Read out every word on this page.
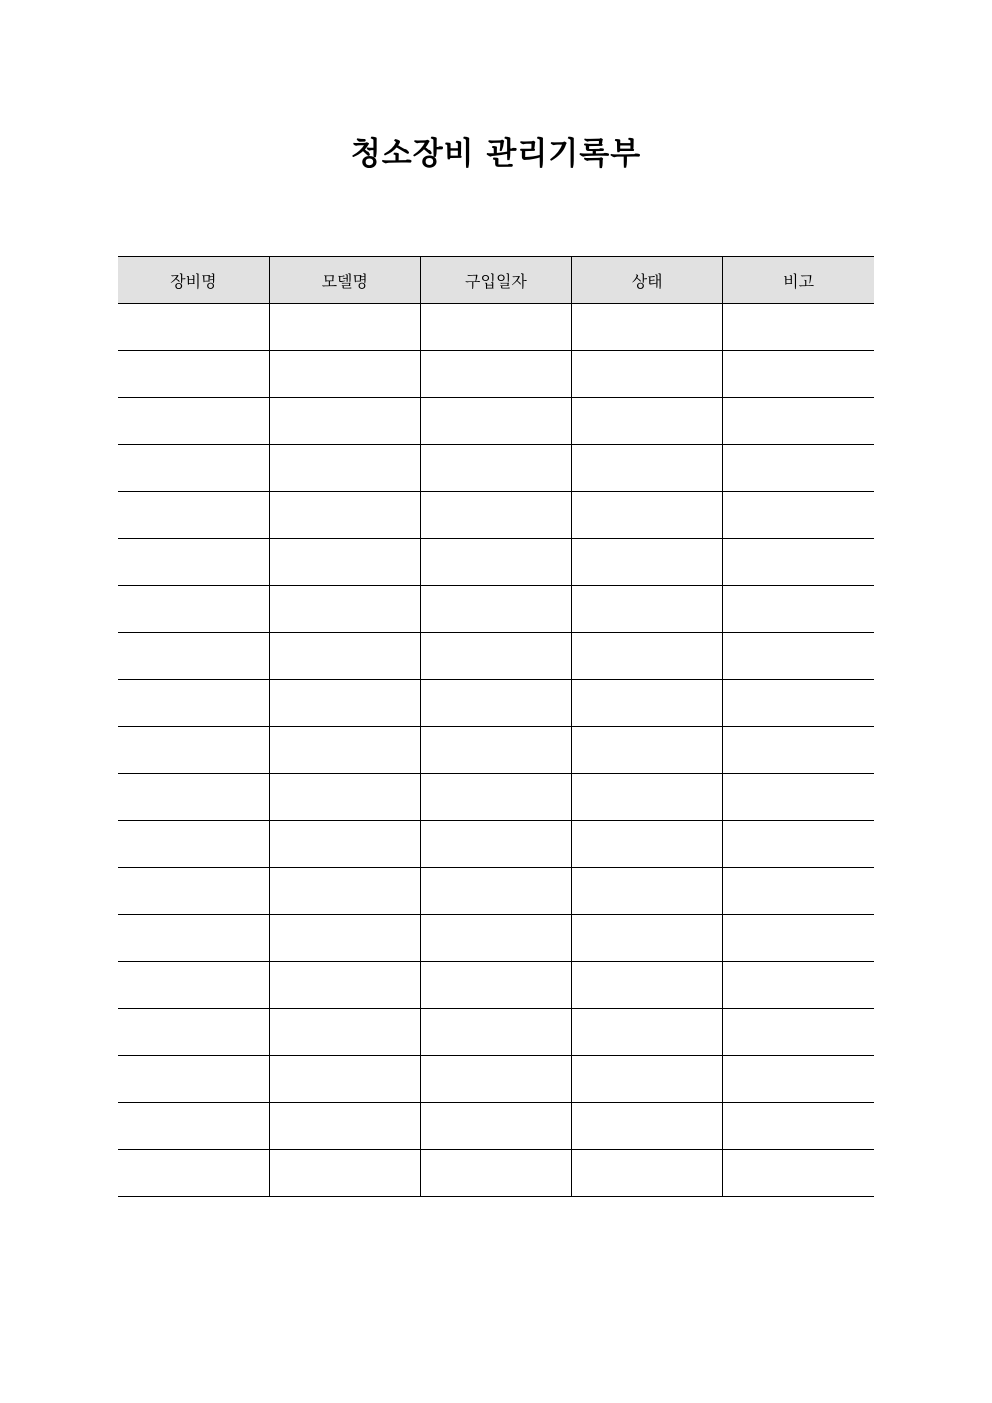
청소장비 관리기록부
장비명	모델명	구입일자	상태	비고
